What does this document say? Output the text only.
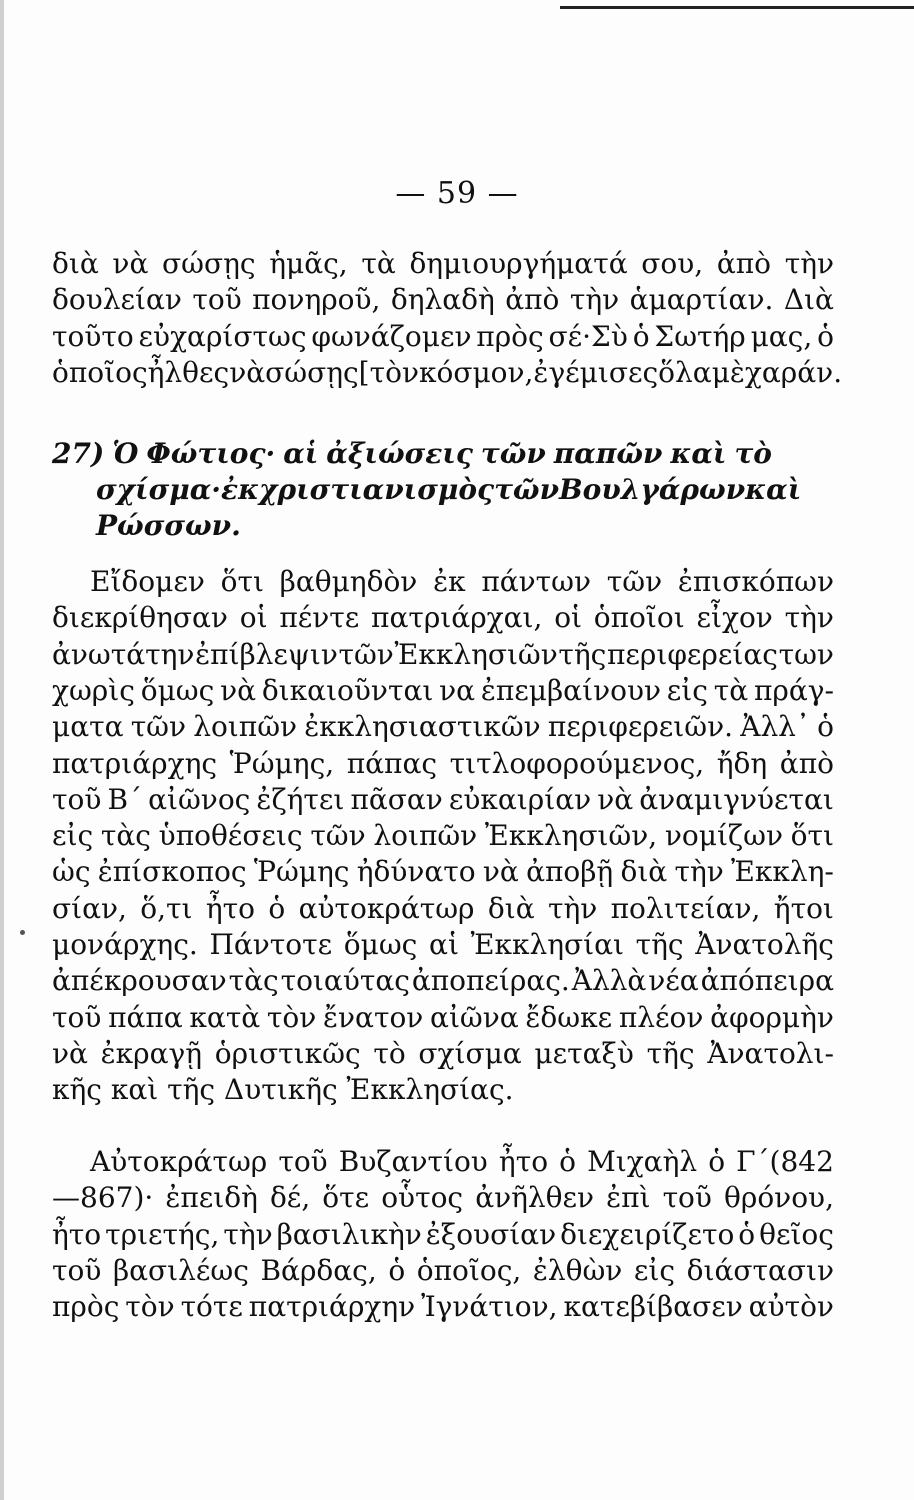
— 59 —
διὰ νὰ σώσῃς ἡμᾶς, τὰ δημιουργήματά σου, ἀπὸ τὴν
δουλείαν τοῦ πονηροῦ, δηλαδὴ ἀπὸ τὴν ἁμαρτίαν. Διὰ
τοῦτο εὐχαρίστως φωνάζομεν πρὸς σέ·Σὺ ὁ Σωτήρ μας, ὁ
ὁποῖος ἦλθες νὰ σώσῃς [τὸν κόσμον,ἐγέμισες ὅλα μὲ χαράν.
27) Ὁ Φώτιος· αἱ ἀξιώσεις τῶν παπῶν καὶ τὸ
σχίσμα· ἐκχριστιανισμὸς τῶν Βουλγάρων καὶ
Ρώσσων.
Εἴδομεν ὅτι βαθμηδὸν ἐκ πάντων τῶν ἐπισκόπων
διεκρίθησαν οἱ πέντε πατριάρχαι, οἱ ὁποῖοι εἶχον τὴν
ἀνωτάτην ἐπίβλεψιν τῶν Ἐκκλησιῶν τῆς περιφερείας των
χωρὶς ὅμως νὰ δικαιοῦνται να ἐπεμβαίνουν εἰς τὰ πράγ-
ματα τῶν λοιπῶν ἐκκλησιαστικῶν περιφερειῶν. Ἀλλ᾽ ὁ
πατριάρχης Ῥώμης, πάπας τιτλοφορούμενος, ἤδη ἀπὸ
τοῦ Β´ αἰῶνος ἐζήτει πᾶσαν εὐκαιρίαν νὰ ἀναμιγνύεται
εἰς τὰς ὑποθέσεις τῶν λοιπῶν Ἐκκλησιῶν, νομίζων ὅτι
ὡς ἐπίσκοπος Ῥώμης ἠδύνατο νὰ ἀποβῇ διὰ τὴν Ἐκκλη-
σίαν, ὅ,τι ἦτο ὁ αὐτοκράτωρ διὰ τὴν πολιτείαν, ἤτοι
μονάρχης. Πάντοτε ὅμως αἱ Ἐκκλησίαι τῆς Ἀνατολῆς
ἀπέκρουσαν τὰς τοιαύτας ἀποπείρας. Ἀλλὰ νέα ἀπόπειρα
τοῦ πάπα κατὰ τὸν ἔνατον αἰῶνα ἔδωκε πλέον ἀφορμὴν
νὰ ἐκραγῇ ὁριστικῶς τὸ σχίσμα μεταξὺ τῆς Ἀνατολι-
κῆς καὶ τῆς Δυτικῆς Ἐκκλησίας.
Αὐτοκράτωρ τοῦ Βυζαντίου ἦτο ὁ Μιχαὴλ ὁ Γ´(842
—867)· ἐπειδὴ δέ, ὅτε οὗτος ἀνῆλθεν ἐπὶ τοῦ θρόνου,
ἦτο τριετής, τὴν βασιλικὴν ἐξουσίαν διεχειρίζετο ὁ θεῖος
τοῦ βασιλέως Βάρδας, ὁ ὁποῖος, ἐλθὼν εἰς διάστασιν
πρὸς τὸν τότε πατριάρχην Ἰγνάτιον, κατεβίβασεν αὐτὸν
